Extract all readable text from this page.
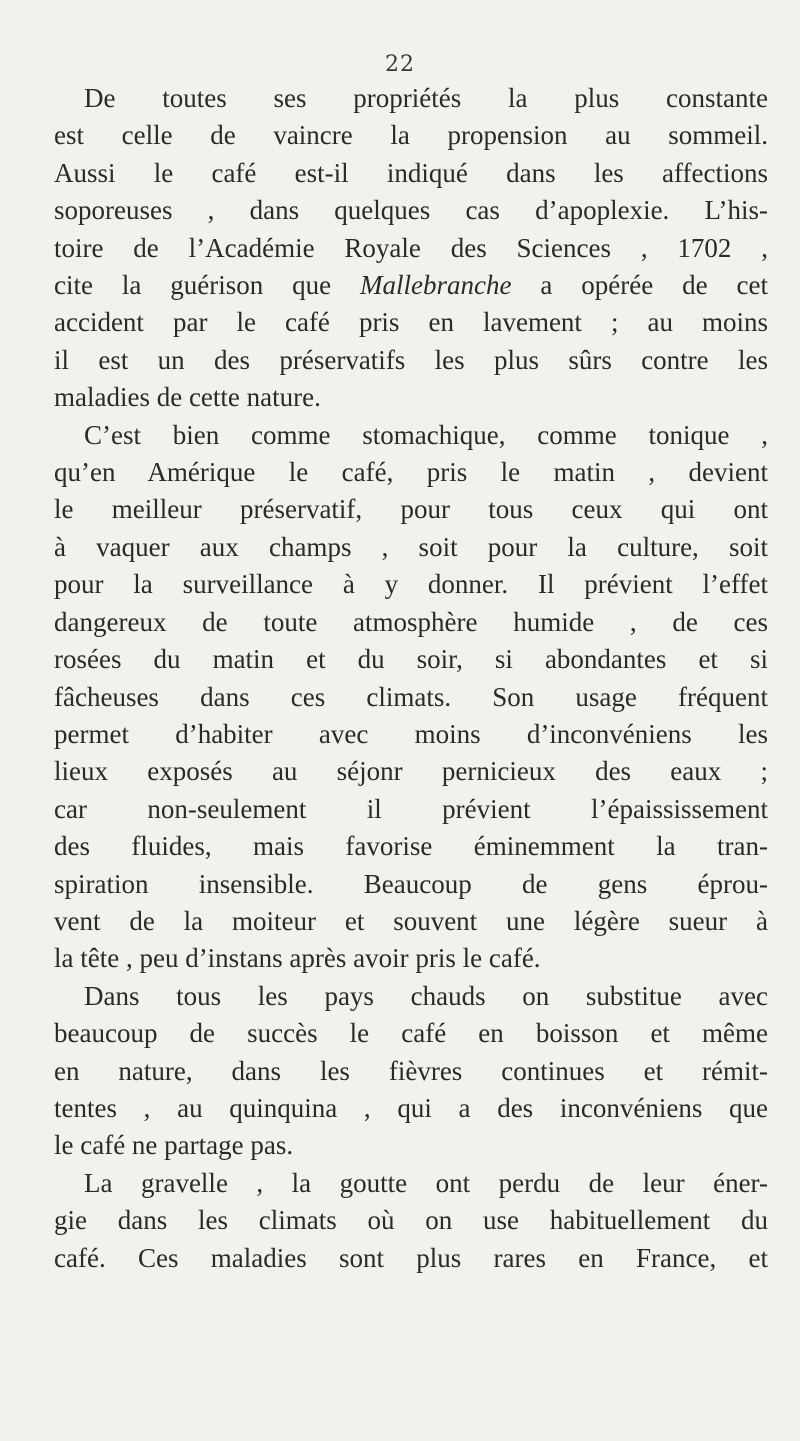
22
De toutes ses propriétés la plus constante
est celle de vaincre la propension au sommeil.
Aussi le café est-il indiqué dans les affections
soporeuses , dans quelques cas d’apoplexie. L’his-
toire de l’Académie Royale des Sciences , 1702 ,
cite la guérison que Mallebranche a opérée de cet
accident par le café pris en lavement ; au moins
il est un des préservatifs les plus sûrs contre les
maladies de cette nature.
C’est bien comme stomachique, comme tonique ,
qu’en Amérique le café, pris le matin , devient
le meilleur préservatif, pour tous ceux qui ont
à vaquer aux champs , soit pour la culture, soit
pour la surveillance à y donner. Il prévient l’effet
dangereux de toute atmosphère humide , de ces
rosées du matin et du soir, si abondantes et si
fâcheuses dans ces climats. Son usage fréquent
permet d’habiter avec moins d’inconvéniens les
lieux exposés au séjonr pernicieux des eaux ;
car non-seulement il prévient l’épaississement
des fluides, mais favorise éminemment la tran-
spiration insensible. Beaucoup de gens éprou-
vent de la moiteur et souvent une légère sueur à
la tête , peu d’instans après avoir pris le café.
Dans tous les pays chauds on substitue avec
beaucoup de succès le café en boisson et même
en nature, dans les fièvres continues et rémit-
tentes , au quinquina , qui a des inconvéniens que
le café ne partage pas.
La gravelle , la goutte ont perdu de leur éner-
gie dans les climats où on use habituellement du
café. Ces maladies sont plus rares en France, et
